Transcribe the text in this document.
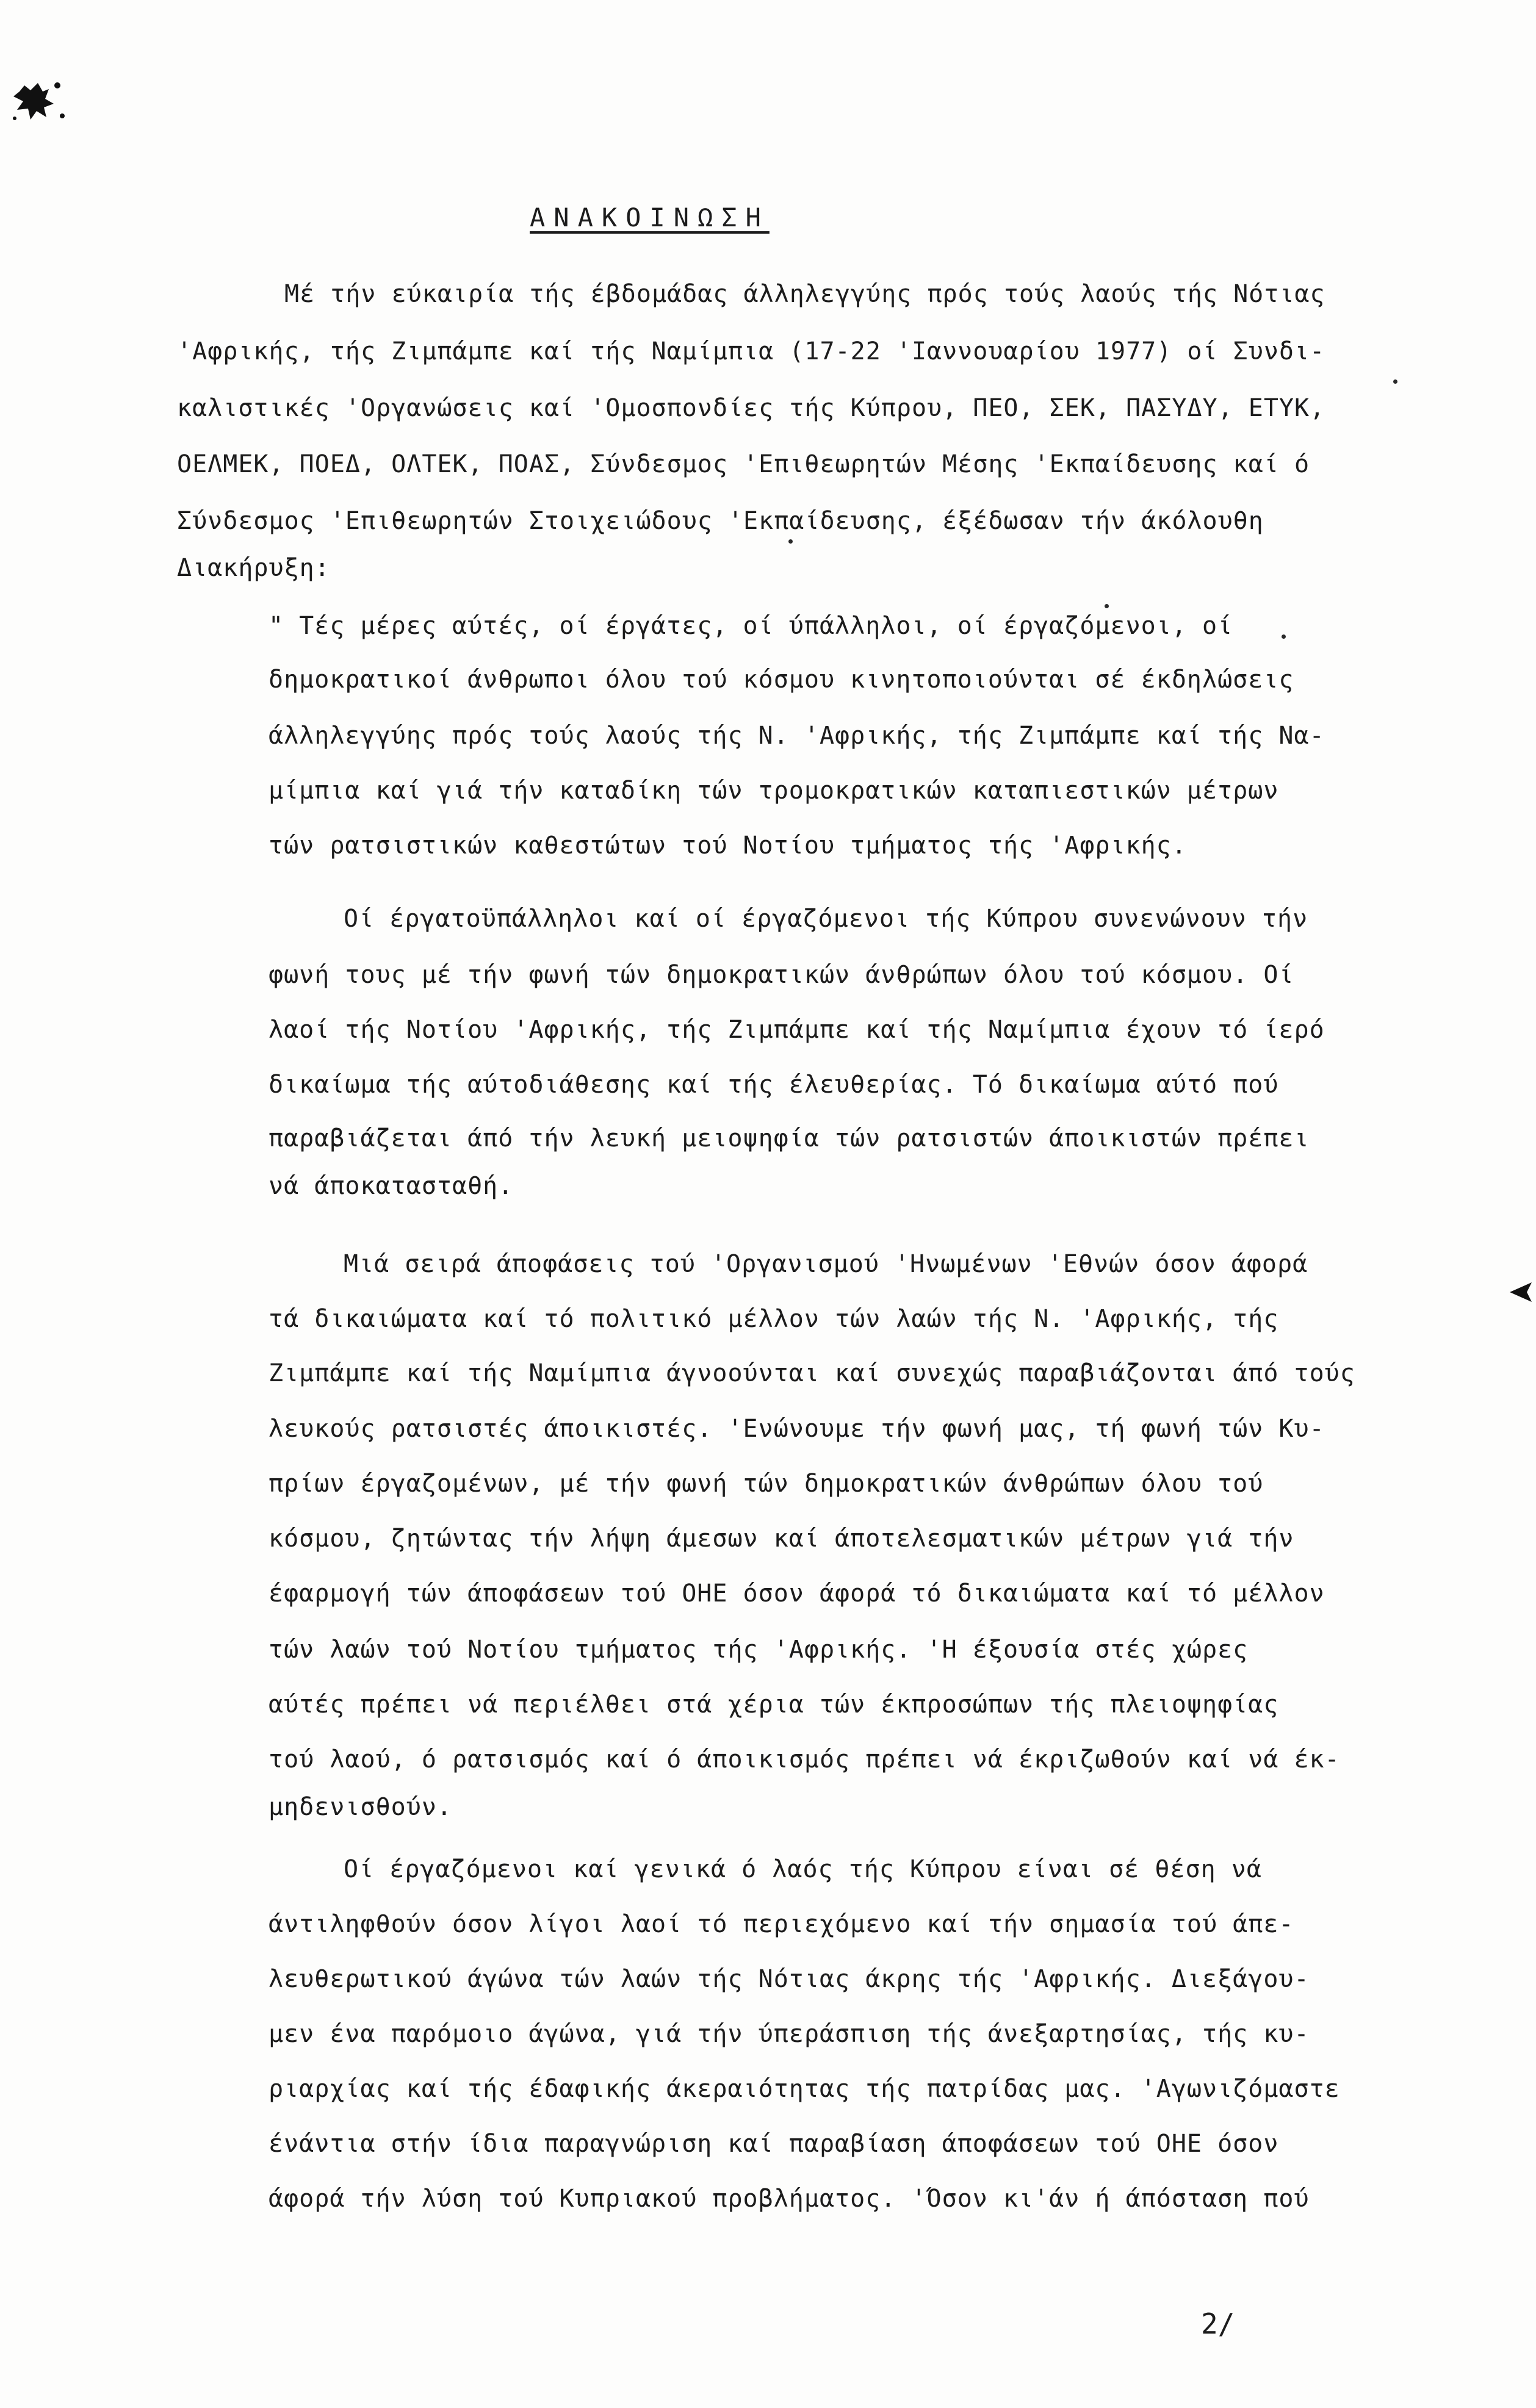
ΑΝΑΚΟΙΝΩΣΗ
Μέ τήν εύκαιρία τής έβδομάδας άλληλεγγύης πρός τούς λαούς τής Νότιας
'Αφρικής, τής Ζιμπάμπε καί τής Ναμίμπια (17-22 'Ιαννουαρίου 1977) οί Συνδι-
καλιστικές 'Οργανώσεις καί 'Ομοσπονδίες τής Κύπρου, ΠΕΟ, ΣΕΚ, ΠΑΣΥΔΥ, ΕΤΥΚ,
ΟΕΛΜΕΚ, ΠΟΕΔ, ΟΛΤΕΚ, ΠΟΑΣ, Σύνδεσμος 'Επιθεωρητών Μέσης 'Εκπαίδευσης καί ό
Σύνδεσμος 'Επιθεωρητών Στοιχειώδους 'Εκπαίδευσης, έξέδωσαν τήν άκόλουθη
Διακήρυξη:
" Τές μέρες αύτές, οί έργάτες, οί ύπάλληλοι, οί έργαζόμενοι, οί
δημοκρατικοί άνθρωποι όλου τού κόσμου κινητοποιούνται σέ έκδηλώσεις
άλληλεγγύης πρός τούς λαούς τής Ν. 'Αφρικής, τής Ζιμπάμπε καί τής Να-
μίμπια καί γιά τήν καταδίκη τών τρομοκρατικών καταπιεστικών μέτρων
τών ρατσιστικών καθεστώτων τού Νοτίου τμήματος τής 'Αφρικής.
Οί έργατοϋπάλληλοι καί οί έργαζόμενοι τής Κύπρου συνενώνουν τήν
φωνή τους μέ τήν φωνή τών δημοκρατικών άνθρώπων όλου τού κόσμου. Οί
λαοί τής Νοτίου 'Αφρικής, τής Ζιμπάμπε καί τής Ναμίμπια έχουν τό ίερό
δικαίωμα τής αύτοδιάθεσης καί τής έλευθερίας. Τό δικαίωμα αύτό πού
παραβιάζεται άπό τήν λευκή μειοψηφία τών ρατσιστών άποικιστών πρέπει
νά άποκατασταθή.
Μιά σειρά άποφάσεις τού 'Οργανισμού 'Ηνωμένων 'Εθνών όσον άφορά
τά δικαιώματα καί τό πολιτικό μέλλον τών λαών τής Ν. 'Αφρικής, τής
Ζιμπάμπε καί τής Ναμίμπια άγνοούνται καί συνεχώς παραβιάζονται άπό τούς
λευκούς ρατσιστές άποικιστές. 'Ενώνουμε τήν φωνή μας, τή φωνή τών Κυ-
πρίων έργαζομένων, μέ τήν φωνή τών δημοκρατικών άνθρώπων όλου τού
κόσμου, ζητώντας τήν λήψη άμεσων καί άποτελεσματικών μέτρων γιά τήν
έφαρμογή τών άποφάσεων τού ΟΗΕ όσον άφορά τό δικαιώματα καί τό μέλλον
τών λαών τού Νοτίου τμήματος τής 'Αφρικής. 'Η έξουσία στές χώρες
αύτές πρέπει νά περιέλθει στά χέρια τών έκπροσώπων τής πλειοψηφίας
τού λαού, ό ρατσισμός καί ό άποικισμός πρέπει νά έκριζωθούν καί νά έκ-
μηδενισθούν.
Οί έργαζόμενοι καί γενικά ό λαός τής Κύπρου είναι σέ θέση νά
άντιληφθούν όσον λίγοι λαοί τό περιεχόμενο καί τήν σημασία τού άπε-
λευθερωτικού άγώνα τών λαών τής Νότιας άκρης τής 'Αφρικής. Διεξάγου-
μεν ένα παρόμοιο άγώνα, γιά τήν ύπεράσπιση τής άνεξαρτησίας, τής κυ-
ριαρχίας καί τής έδαφικής άκεραιότητας τής πατρίδας μας. 'Αγωνιζόμαστε
ένάντια στήν ίδια παραγνώριση καί παραβίαση άποφάσεων τού ΟΗΕ όσον
άφορά τήν λύση τού Κυπριακού προβλήματος. 'Όσον κι'άν ή άπόσταση πού
2/
